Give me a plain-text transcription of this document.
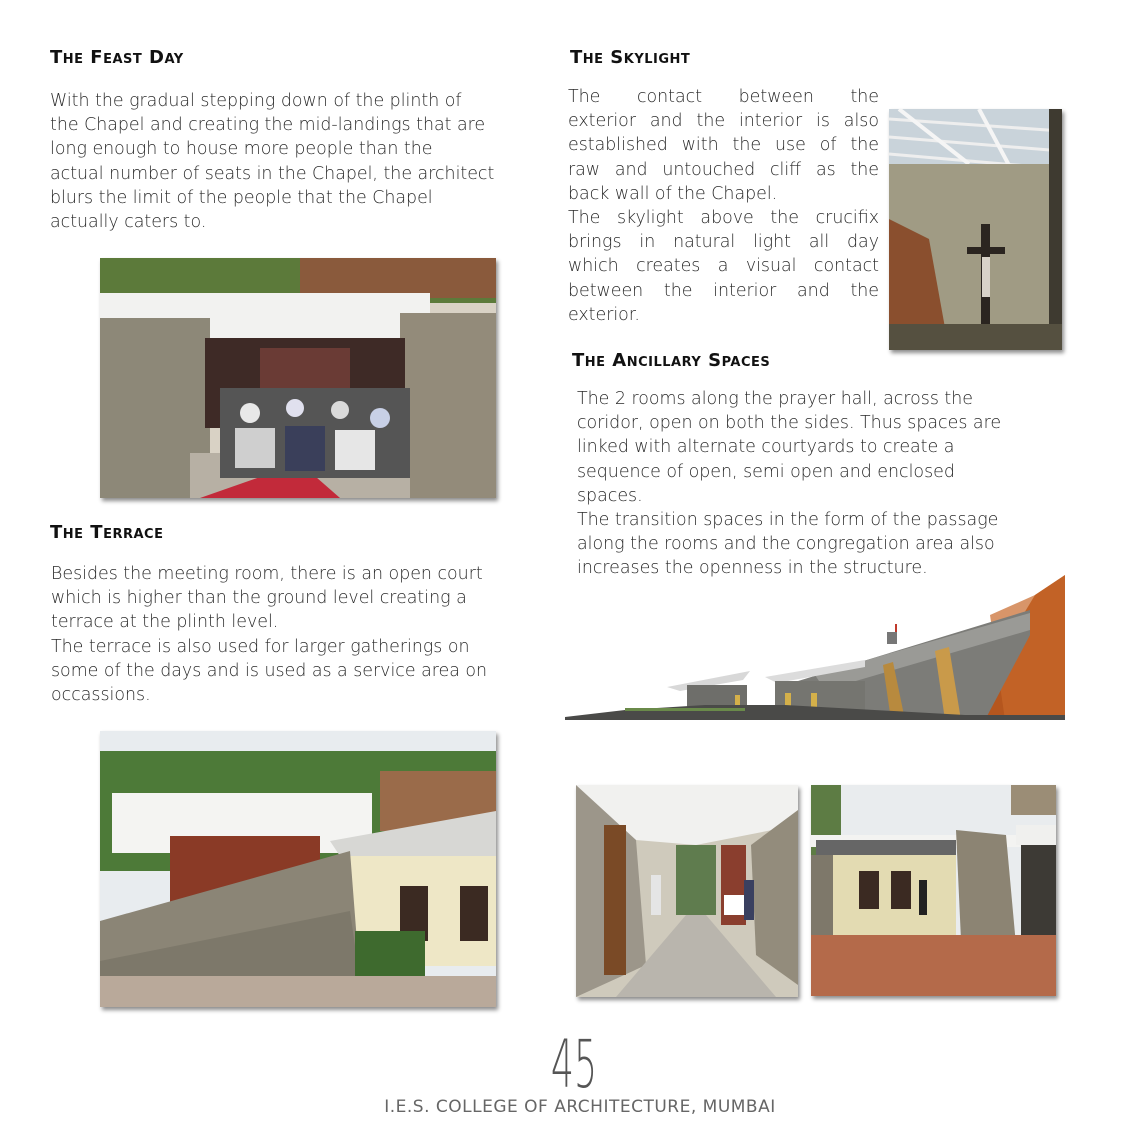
The Feast Day
With the gradual stepping down of the plinth of
the Chapel and creating the mid-landings that are
long enough to house more people than the
actual number of seats in the Chapel, the architect
blurs the limit of the people that the Chapel
actually caters to.
The Terrace
Besides the meeting room, there is an open court
which is higher than the ground level creating a
terrace at the plinth level.
The terrace is also used for larger gatherings on
some of the days and is used as a service area on
occassions.
The Skylight
The contact between the
exterior and the interior is also
established with the use of the
raw and untouched cliff as the
back wall of the Chapel.
The skylight above the crucifix
brings in natural light all day
which creates a visual contact
between the interior and the
exterior.
The Ancillary Spaces
The 2 rooms along the prayer hall, across the
coridor, open on both the sides. Thus spaces are
linked with alternate courtyards to create a
sequence of open, semi open and enclosed
spaces.
The transition spaces in the form of the passage
along the rooms and the congregation area also
increases the openness in the structure.

45

I.E.S. COLLEGE OF ARCHITECTURE, MUMBAI
